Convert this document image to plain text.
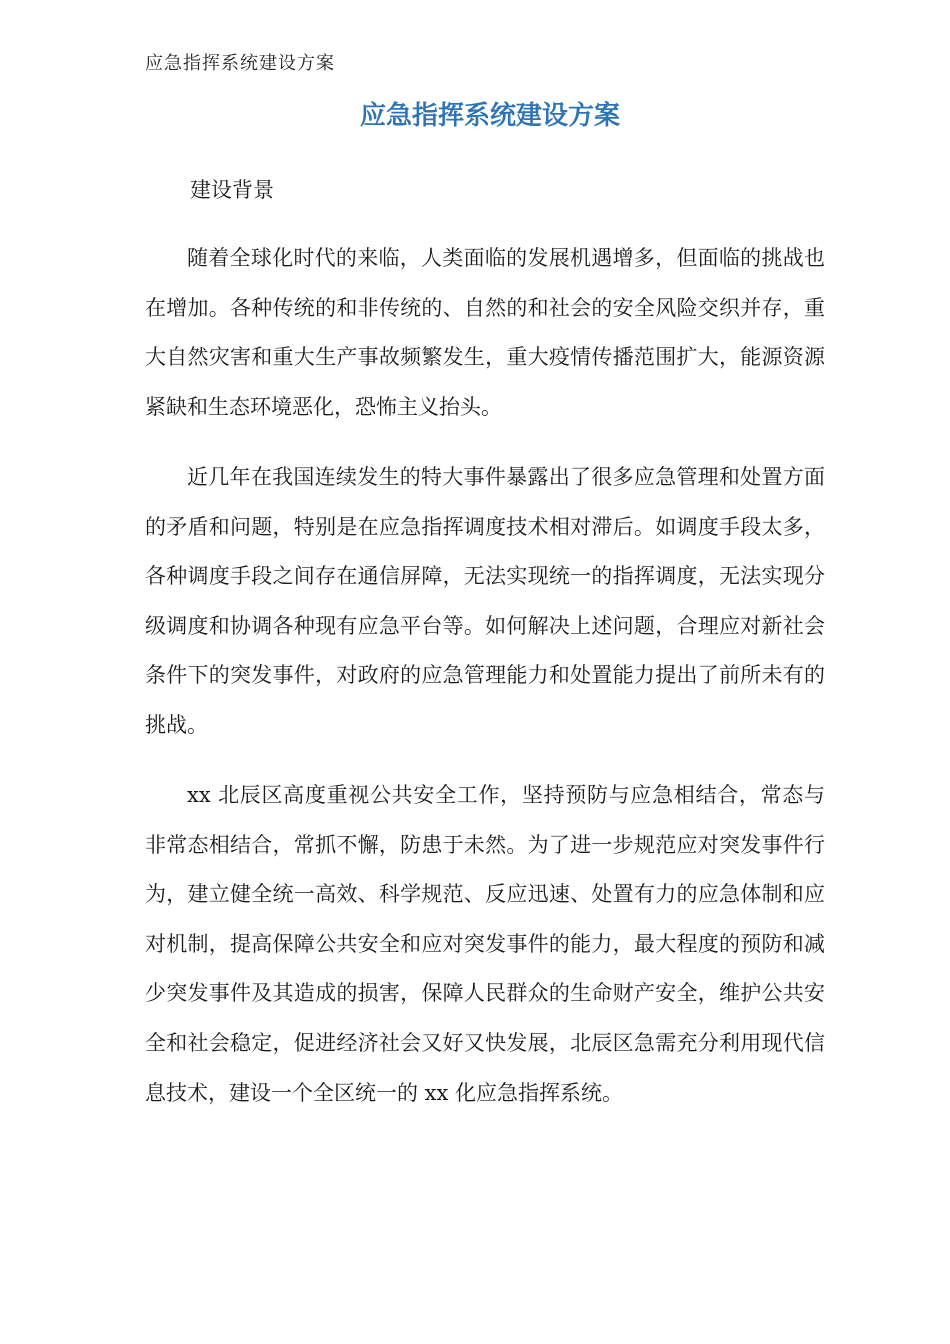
应急指挥系统建设方案
应急指挥系统建设方案
建设背景

随着全球化时代的来临，人类面临的发展机遇增多，但面临的挑战也在增加。各种传统的和非传统的、自然的和社会的安全风险交织并存，重大自然灾害和重大生产事故频繁发生，重大疫情传播范围扩大，能源资源紧缺和生态环境恶化，恐怖主义抬头。

近几年在我国连续发生的特大事件暴露出了很多应急管理和处置方面的矛盾和问题，特别是在应急指挥调度技术相对滞后。如调度手段太多，各种调度手段之间存在通信屏障，无法实现统一的指挥调度，无法实现分级调度和协调各种现有应急平台等。如何解决上述问题，合理应对新社会条件下的突发事件，对政府的应急管理能力和处置能力提出了前所未有的挑战。

xx 北辰区高度重视公共安全工作，坚持预防与应急相结合，常态与非常态相结合，常抓不懈，防患于未然。为了进一步规范应对突发事件行为，建立健全统一高效、科学规范、反应迅速、处置有力的应急体制和应对机制，提高保障公共安全和应对突发事件的能力，最大程度的预防和减少突发事件及其造成的损害，保障人民群众的生命财产安全，维护公共安全和社会稳定，促进经济社会又好又快发展，北辰区急需充分利用现代信息技术，建设一个全区统一的 xx 化应急指挥系统。
